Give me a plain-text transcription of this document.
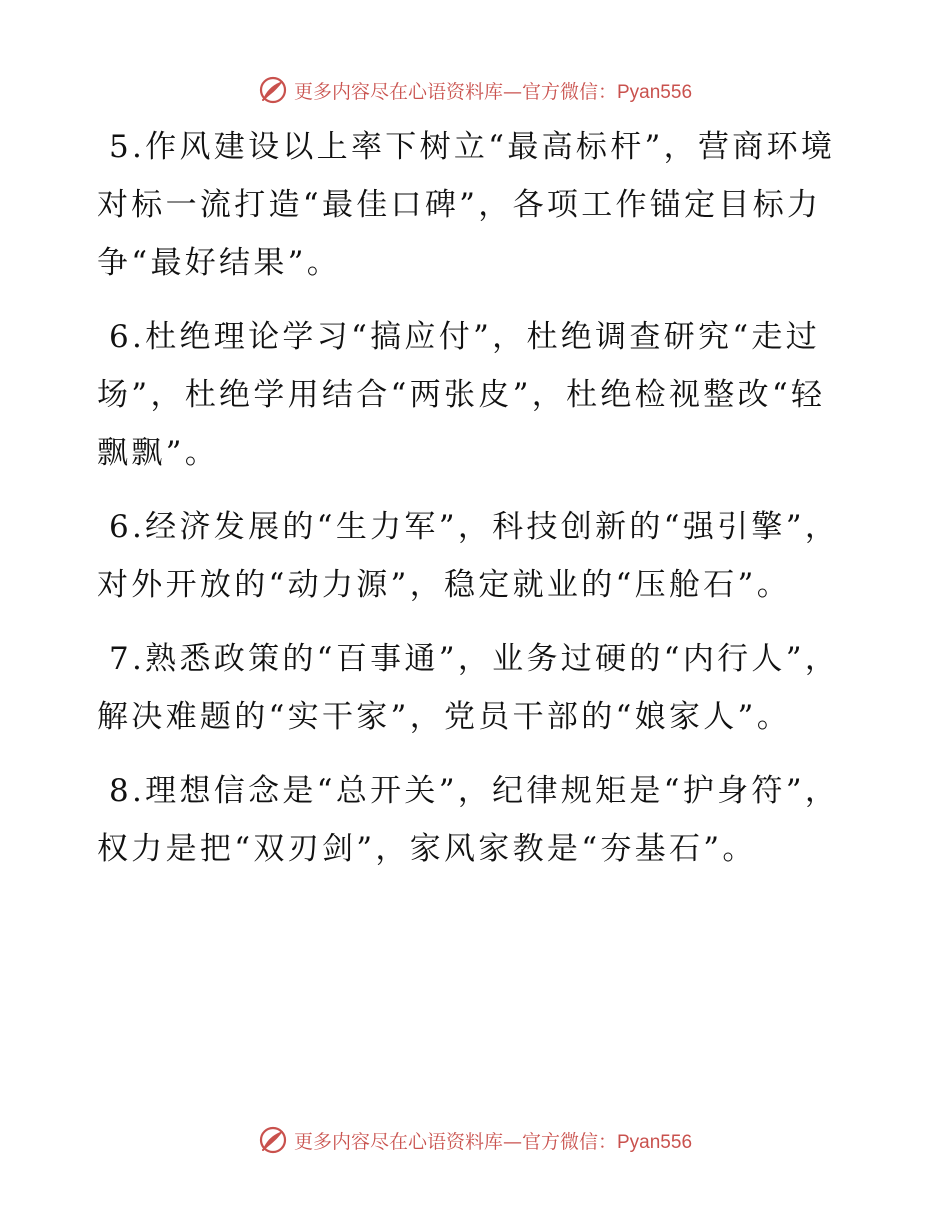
更多内容尽在心语资料库—官方微信：Pyan556

5.作风建设以上率下树立“最高标杆”，营商环境对标一流打造“最佳口碑”，各项工作锚定目标力争“最好结果”。

6.杜绝理论学习“搞应付”，杜绝调查研究“走过场”，杜绝学用结合“两张皮”，杜绝检视整改“轻飘飘”。

6.经济发展的“生力军”，科技创新的“强引擎”，对外开放的“动力源”，稳定就业的“压舱石”。

7.熟悉政策的“百事通”，业务过硬的“内行人”，解决难题的“实干家”，党员干部的“娘家人”。

8.理想信念是“总开关”，纪律规矩是“护身符”，权力是把“双刃剑”，家风家教是“夯基石”。

更多内容尽在心语资料库—官方微信：Pyan556
